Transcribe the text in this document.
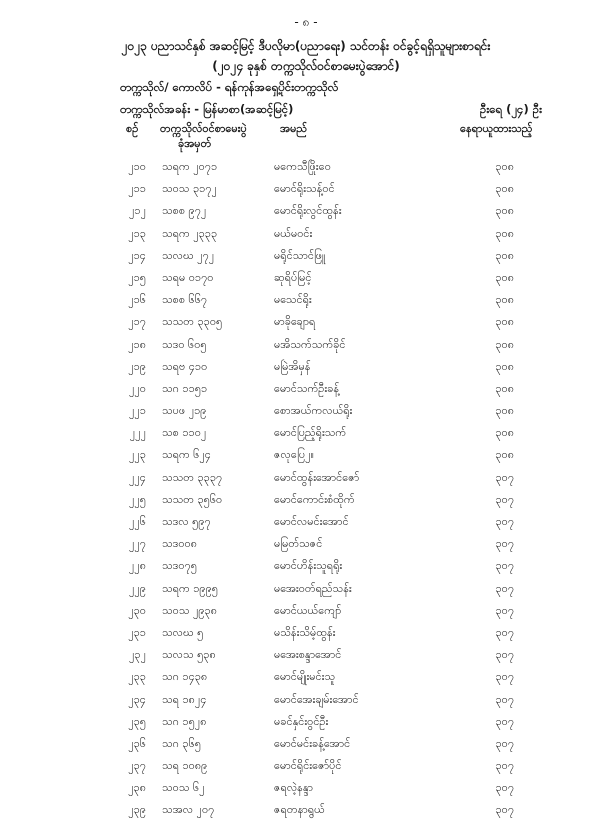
- ၈ -
၂၀၂၃ ပညာသင်နှစ် အဆင့်မြင့် ဒီပလိုမာ(ပညာရေး) သင်တန်း ဝင်ခွင့်ရရှိသူများစာရင်း
(၂၀၂၄ ခုနှစ် တက္ကသိုလ်ဝင်စာမေးပွဲအောင်)
တက္ကသိုလ်/ ကောလိပ် - ရန်ကုန်အရှေ့ပိုင်းတက္ကသိုလ်
တက္ကသိုလ်အခန်း - မြန်မာစာ(အဆင့်မြင့်)	ဦးရေ (၂၄) ဦး
စဉ် တက္ကသိုလ်ဝင်စာမေးပွဲ
ခုံအမှတ်
အမည်	နေရာယူထားသည့်
၂၁၀ သရက ၂၀၇၁	မကေသီဖြိုး၀ေ	၃၀၈
၂၁၁ သဝသ ၃၁၇၂	မောင်ရိုးသန့်ဝင်	၃၀၈
၂၁၂ သစစ ၉၇၂	မောင်ရိုးလွင်ထွန်း	၃၀၈
၂၁၃ သရက ၂၃၃၃	မယ်မဝင်း	၃၀၈
၂၁၄ သလဃ ၂၇၂	မရိုင်သာင်ဖြူ	၃၀၈
၂၁၅ သရမ ၀၁၇၀	ဆုရိပ်မြင့်	၃၀၈
၂၁၆ သစစ ၆၆၇	မသေင်ရိုး	၃၀၈
၂၁၇ သသတ ၃၃၀၅	မာခိုချောရ	၃၀၈
၂၁၈ သဒဝ ၆၀၅	မအိသက်သက်ခိုင်	၃၀၈
၂၁၉ သရဗ ၄၁၀	မမြဲအိမှန်	၃၀၈
၂၂၀ သဂ ၁၁၅၁	မောင်သက်ဦးခန့်	၃၀၈
၂၂၁ သပဖ ၂၁၉	စောအယ်ကလယ်ရိုး	၃၀၈
၂၂၂ သစ ၁၁၀၂	မောင်ပြည့်ရိုးသက်	၃၀၈
၂၂၃ သရက ၆၂၄	ဇလုပြေ၂။	၃၀၈
၂၂၄ သသတ ၃၃၃၇	မောင်ထွန်းအောင်ဇော်	၃၀၇
၂၂၅ သသတ ၃၅၆၀	မောင်ကောင်းစံထိုက်	၃၀၇
၂၂၆ သဒလ ၅၉၇	မောင်လမင်းအောင်	၃၀၇
၂၂၇ သဒ၀၀၈	မမြတ်သဇင်	၃၀၇
၂၂၈ သဒ၀၇၅	မောင်ဟိန်းသူရရိုး	၃၀၇
၂၂၉ သရက ၁၉၉၅	မအေးဝတ်ရည်သန်း	၃၀၇
၂၃၀ သ၀သ ၂၉၃၈	မောင်ယယ်ကျော်	၃၀၇
၂၃၁ သလဃ ၅	မသိန်းသိမ့်ထွန်း	၃၀၇
၂၃၂ သလသ ၅၃၈	မအေးစန္ဒာအောင်	၃၀၇
၂၃၃ သဂ ၁၄၃၈	မောင်မျိုးမင်းသူ	၃၀၇
၂၃၄ သရ ၁၈၂၄	မောင်အေးချမ်းအောင်	၃၀၇
၂၃၅ သဂ ၁၅၂၈	မခင်နှင်းဝွင်ဦး	၃၀၇
၂၃၆ သဂ ၃၆၅	မောင်မင်းခန့်အောင်	၃၀၇
၂၃၇ သရ ၁၀၈၉	မောင်ရိုင်းဇော်ပိုင်	၃၀၇
၂၃၈ သ၀သ ၆၂	ဇရလဲ့နန္ဒာ	၃၀၇
၂၃၉ သအလ ၂၀၇	ဇရတနာရွယ်	၃၀၇
